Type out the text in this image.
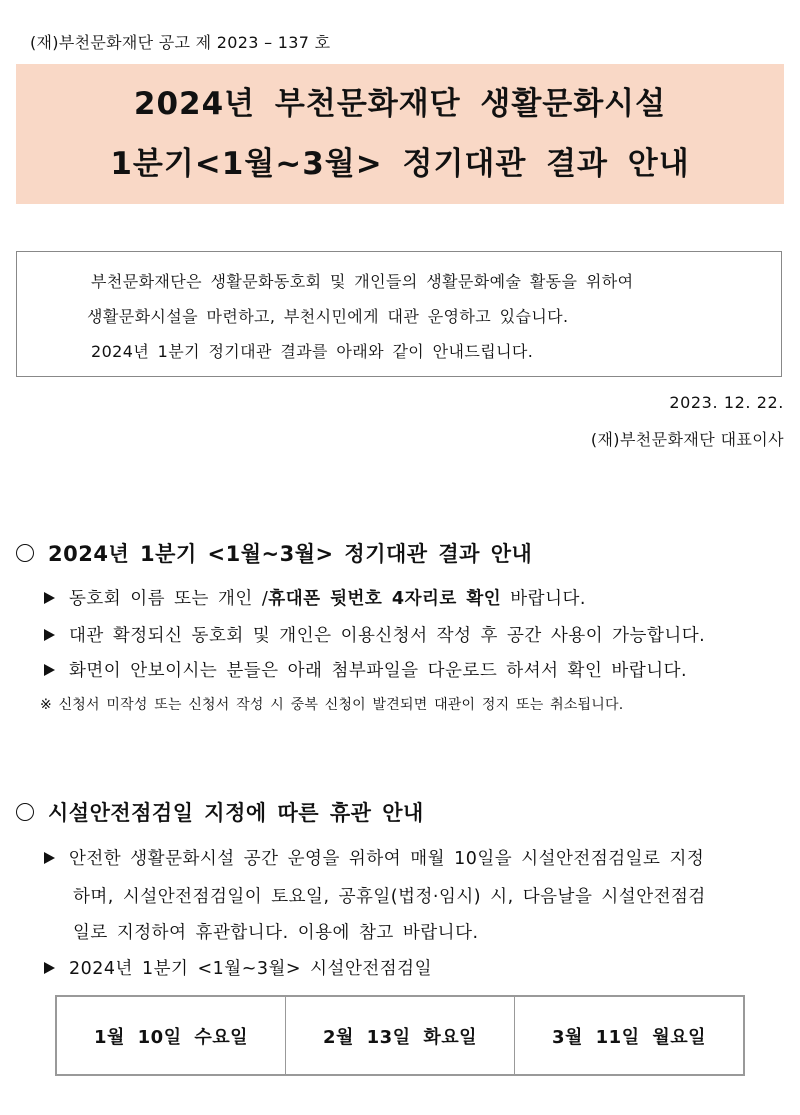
(재)부천문화재단 공고 제 2023 – 137 호
2024년 부천문화재단 생활문화시설
1분기<1월~3월> 정기대관 결과 안내
부천문화재단은 생활문화동호회 및 개인들의 생활문화예술 활동을 위하여
생활문화시설을 마련하고, 부천시민에게 대관 운영하고 있습니다.
2024년 1분기 정기대관 결과를 아래와 같이 안내드립니다.
2023. 12. 22.
(재)부천문화재단 대표이사
2024년 1분기 <1월~3월> 정기대관 결과 안내
동호회 이름 또는 개인 / 휴대폰 뒷번호 4자리로 확인 바랍니다.
대관 확정되신 동호회 및 개인은 이용신청서 작성 후 공간 사용이 가능합니다.
화면이 안보이시는 분들은 아래 첨부파일을 다운로드 하셔서 확인 바랍니다.
※ 신청서 미작성 또는 신청서 작성 시 중복 신청이 발견되면 대관이 정지 또는 취소됩니다.
시설안전점검일 지정에 따른 휴관 안내
안전한 생활문화시설 공간 운영을 위하여 매월 10일을 시설안전점검일로 지정
하며, 시설안전점검일이 토요일, 공휴일(법정·임시) 시, 다음날을 시설안전점검
일로 지정하여 휴관합니다. 이용에 참고 바랍니다.
2024년 1분기 <1월~3월> 시설안전점검일
1월 10일 수요일	2월 13일 화요일	3월 11일 월요일
